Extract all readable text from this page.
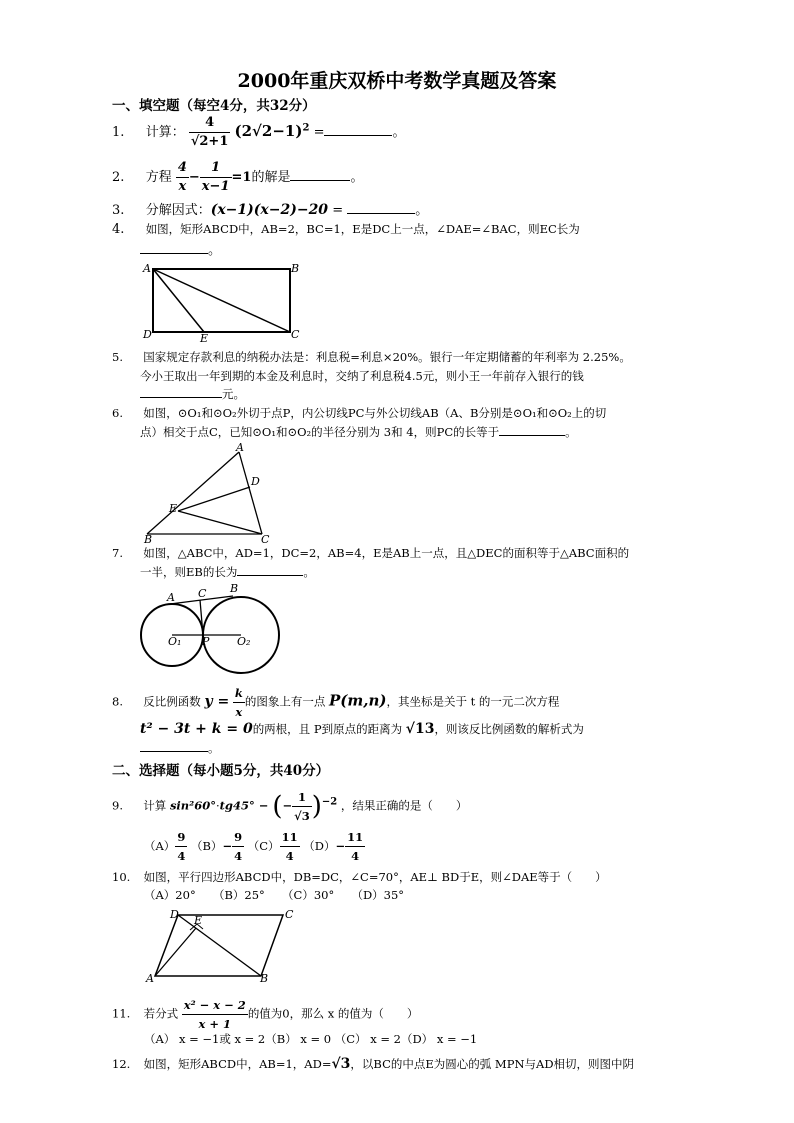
2000年重庆双桥中考数学真题及答案
一、填空题（每空4分，共32分）
1. 计算： $\frac{4}{√2+1} (2√2-1)^2$ =	。
2. 方程 $\frac{4}{x} - \frac{1}{x-1} =1$的解是	。
3. 分解因式：(x−1)(x−2)−20 =	。
4. 如图，矩形ABCD中，AB=2，BC=1，E是DC上一点，∠DAE=∠BAC，则EC长为
。
A	B
D	E	C
5. 国家规定存款利息的纳税办法是：利息税=利息×20%。银行一年定期储蓄的年利率为 2.25%。
今小王取出一年到期的本金及利息时，交纳了利息税4.5元，则小王一年前存入银行的钱
元。
6. 如图，⊙O₁和⊙O₂外切于点P，内公切线PC与外公切线AB（A、B分别是⊙O₁和⊙O₂上的切
点）相交于点C，已知⊙O₁和⊙O₂的半径分别为 3和 4，则PC的长等于	。
A
D
E
B	C
7. 如图，△ABC中，AD=1，DC=2，AB=4，E是AB上一点，且△DEC的面积等于△ABC面积的
一半，则EB的长为	。
A C B
O₁ P	O₂
8. 反比例函数 $y = \frac{k}{x}$ 的图象上有一点 P(m,n)，其坐标是关于 t 的一元二次方程
t² − 3t + k = 0的两根，且 P到原点的距离为 √13，则该反比例函数的解析式为
。
二、选择题（每小题5分，共40分）
9. 计算 sin²60°·tg45° − (− $\frac{1}{√3} )^{-2}$ ，结果正确的是（　　）
$(A) \frac{9}{4} (B)- \frac{9}{4} (C) \frac{11}{4} (D)- \frac{11}{4}$
10. 如图，平行四边形ABCD中，DB=DC，∠C=70°，AE⊥ BD于E，则∠DAE等于（　　）
（A）20°　　（B）25°　　（C）30°　　（D）35°
D E	C
A	B
11. 若分式 $\frac{\text{x² − x − 2}}{x + 1}$ 的值为0，那么 x 的值为（　　）
（A） x = −1或 x = 2（B） x = 0 （C） x = 2（D） x = −1
12. 如图，矩形ABCD中，AB=1，AD=√3，以BC的中点E为圆心的弧 MPN与AD相切，则图中阴
